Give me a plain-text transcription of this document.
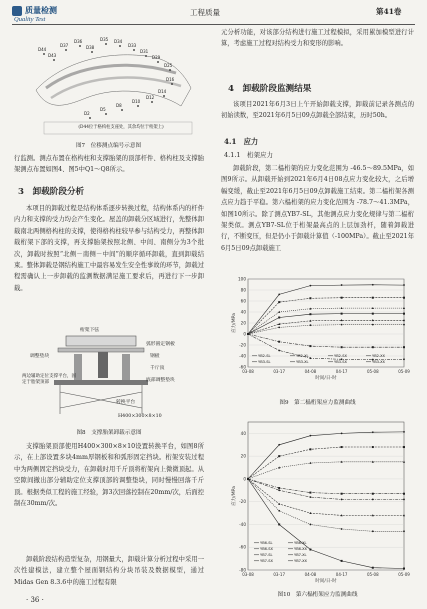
质量检测
Quality Test
工程质量	第41卷
D44
D43
D37
D36
D38
D35 D34
D33
D31
D29
D25
D16
D14
D12
D10
D8
D5
D2
(D44位于格构柱支座处，其余均位于桁架上)
图7　位移测点编号示意图
行监测。测点布置在格构柱和支撑胎架的顶部杆件、格构柱及支撑胎架测点布置如图4、图5中Q1～Q8所示。
3　卸载阶段分析
本项目的卸载过程是结构体系逐步转换过程，结构体系内的杆件内力和支撑的受力均会产生变化。屋盖的卸载分区域进行，先整体卸载南北两侧格构柱的支撑，使得格构柱较早参与结构受力，再整体卸载桁架下部的支撑，再支撑胎架按照北侧、中间、南侧分为3个批次，卸载时按照“北侧－南侧－中间”的顺序循环卸载，直到卸载结束。整体卸载是钢结构施工中最容易发生安全性事故的环节，卸载过程需确认上一步卸载的监测数据满足施工要求后，再进行下一步卸载。
桁架下弦
调整垫块
弧形圆定钢板
钢板
两边辅助定位支撑平台，固定于胎架顶部
千斤顶
底部调整垫块
转换平台
H400×300×8×10
图8　支撑胎架卸载示意图
支撑胎架顶部使用H400×300×8×10设置转换平台，如图8所示，在上部设置多块4mm厚钢板和和弧形固定挡块。桁架安装过程中为两侧固定挡块受力，在卸载时用千斤顶将桁架向上微微顶起。从空隙间撤出部分辅助定位支撑顶部的调整垫块，同时慢慢回落千斤顶。根据类似工程的施工经验，卸3次回落控制在20mm/次，后面控制在30mm/次。
卸载阶段结构造型复杂，用钢量大，卸载计算分析过程中采用一次性建模法，建立整个屋面钢结构分块吊装及数据模型，通过 Midas Gen 8.3.6中的施工过程有限
元分析功能，对该部分结构进行施工过程模拟，采用累加模型进行计算，考虑施工过程对结构受力和变形的影响。
4　卸载阶段监测结果
该项目2021年6月3日上午开始卸载支撑，卸载前记录各测点的初始读数，至2021年6月5日09点卸载全部结束，历时50h。
4.1　应力
4.1.1　桁架应力
卸载阶段，第二榀桁架的应力变化范围为 -46.5～89.5MPa，如图9所示。从卸载开始到2021年6月4日08点应力变化较大，之后增幅变缓，截止至2021年6月5日09点卸载施工结束。第二榀桁架各测点应力趋于平稳。第六榀桁架的应力变化范围为 -78.7～41.3MPa，如图10所示。除了测点YB7-SL，其他测点应力变化规律与第二榀桁架类似。测点YB7-SL位于桁架最高点的上层加劲杆，随着卸载进行，不断变压，但是仍小于卸载计算值（-100MPa）。截止至2021年6月5日09点卸载施工
100
80
60
40
20
0
-20
-40
-60
03-08	03-17	04-08	04-17	05-08	05-09
应力/MPa
时间/日-时
YB2-SL	YB2-XL	YB2-SX	YB2-XX
YB3-SL	YB3-XL	YB3-SX	YB3-XX
图9　第二榀桁架应力监测曲线
40
20
0
-20
-40
-60
-80
03-08	03-17	04-08	04-17	05-08	05-09
应力/MPa
时间/日-时
YB6-SL	YB6-XL
YB6-SX	YB6-XX
YB7-SL	YB7-XL
YB7-SX	YB7-XX
图10　第六榀桁架应力监测曲线
· 36 ·
